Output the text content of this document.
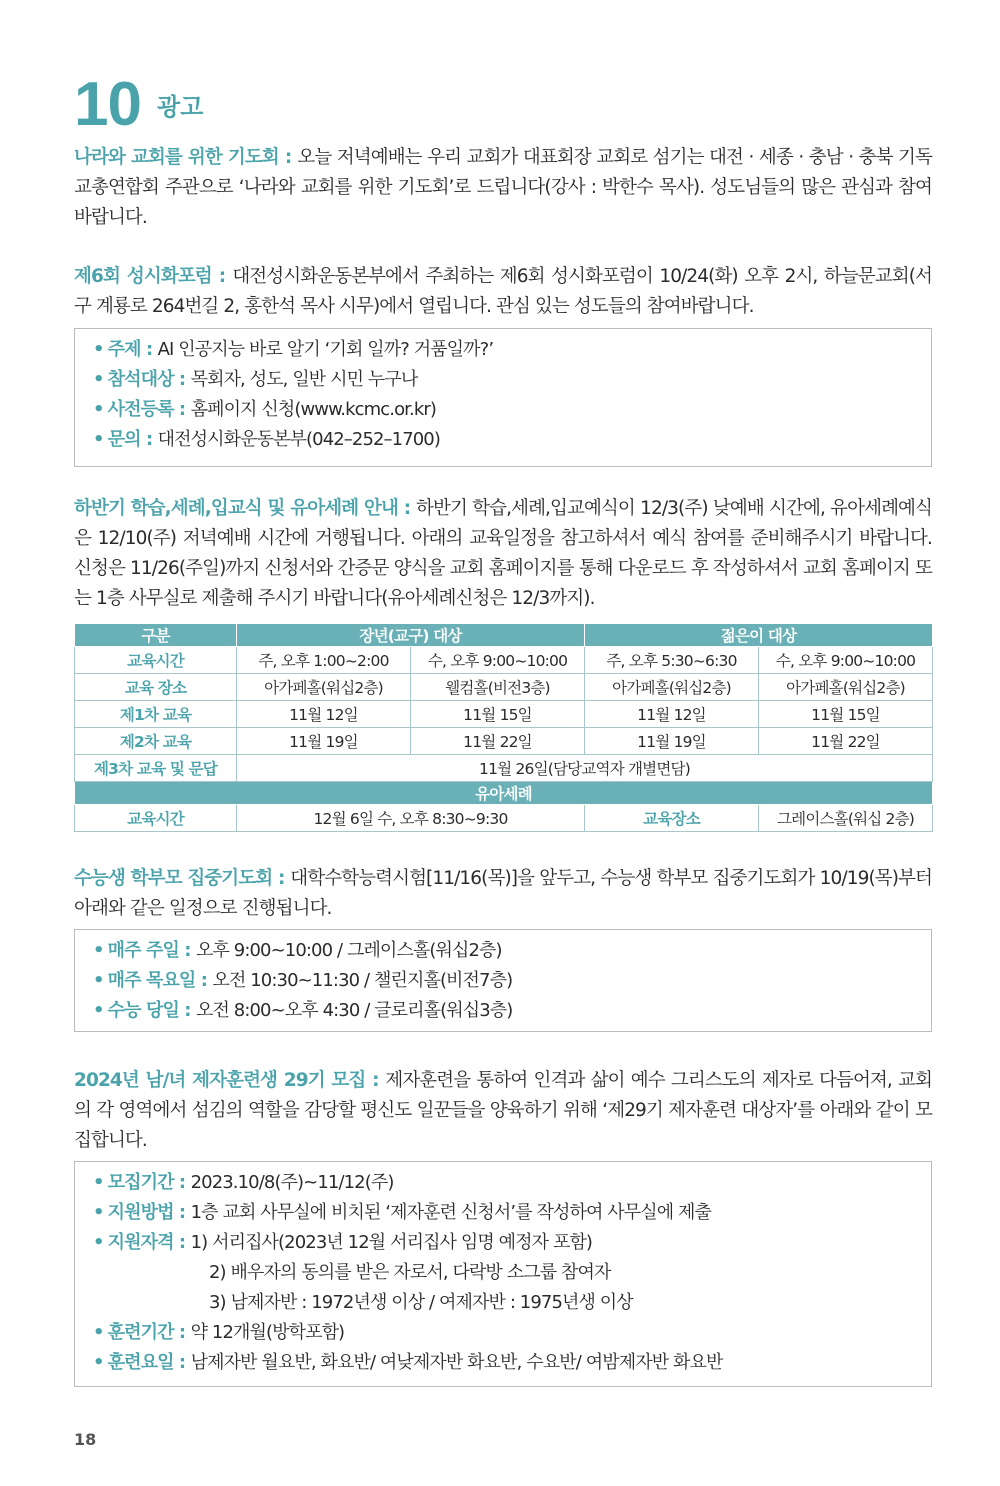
10 광고

나라와 교회를 위한 기도회 : 오늘 저녁예배는 우리 교회가 대표회장 교회로 섬기는 대전 · 세종 · 충남 · 충북 기독교총연합회 주관으로 ‘나라와 교회를 위한 기도회’로 드립니다(강사 : 박한수 목사). 성도님들의 많은 관심과 참여 바랍니다.

제6회 성시화포럼 : 대전성시화운동본부에서 주최하는 제6회 성시화포럼이 10/24(화) 오후 2시, 하늘문교회(서구 계룡로 264번길 2, 홍한석 목사 시무)에서 열립니다. 관심 있는 성도들의 참여바랍니다.

• 주제 : AI 인공지능 바로 알기 ‘기회 일까? 거품일까?’
• 참석대상 : 목회자, 성도, 일반 시민 누구나
• 사전등록 : 홈페이지 신청(www.kcmc.or.kr)
• 문의 : 대전성시화운동본부(042–252–1700)

하반기 학습,세례,입교식 및 유아세례 안내 : 하반기 학습,세례,입교예식이 12/3(주) 낮예배 시간에, 유아세례예식은 12/10(주) 저녁예배 시간에 거행됩니다. 아래의 교육일정을 참고하셔서 예식 참여를 준비해주시기 바랍니다. 신청은 11/26(주일)까지 신청서와 간증문 양식을 교회 홈페이지를 통해 다운로드 후 작성하셔서 교회 홈페이지 또는 1층 사무실로 제출해 주시기 바랍니다(유아세례신청은 12/3까지).

구분	장년(교구) 대상		젊은이 대상	
교육시간	주, 오후 1:00~2:00	수, 오후 9:00~10:00	주, 오후 5:30~6:30	수, 오후 9:00~10:00
교육 장소	아가페홀(워십2층)	웰컴홀(비전3층)	아가페홀(워십2층)	아가페홀(워십2층)
제1차 교육	11월 12일	11월 15일	11월 12일	11월 15일
제2차 교육	11월 19일	11월 22일	11월 19일	11월 22일
제3차 교육 및 문답	11월 26일(담당교역자 개별면담)			
유아세례				
교육시간	12월 6일 수, 오후 8:30~9:30		교육장소	그레이스홀(워십 2층)

수능생 학부모 집중기도회 : 대학수학능력시험[11/16(목)]을 앞두고, 수능생 학부모 집중기도회가 10/19(목)부터 아래와 같은 일정으로 진행됩니다.

• 매주 주일 : 오후 9:00~10:00 / 그레이스홀(워십2층)
• 매주 목요일 : 오전 10:30~11:30 / 챌린지홀(비전7층)
• 수능 당일 : 오전 8:00~오후 4:30 / 글로리홀(워십3층)

2024년 남/녀 제자훈련생 29기 모집 : 제자훈련을 통하여 인격과 삶이 예수 그리스도의 제자로 다듬어져, 교회의 각 영역에서 섬김의 역할을 감당할 평신도 일꾼들을 양육하기 위해 ‘제29기 제자훈련 대상자’를 아래와 같이 모집합니다.

• 모집기간 : 2023.10/8(주)~11/12(주)
• 지원방법 : 1층 교회 사무실에 비치된 ‘제자훈련 신청서’를 작성하여 사무실에 제출
• 지원자격 : 1) 서리집사(2023년 12월 서리집사 임명 예정자 포함)
2) 배우자의 동의를 받은 자로서, 다락방 소그룹 참여자
3) 남제자반 : 1972년생 이상 / 여제자반 : 1975년생 이상
• 훈련기간 : 약 12개월(방학포함)
• 훈련요일 : 남제자반 월요반, 화요반/ 여낮제자반 화요반, 수요반/ 여밤제자반 화요반
18
